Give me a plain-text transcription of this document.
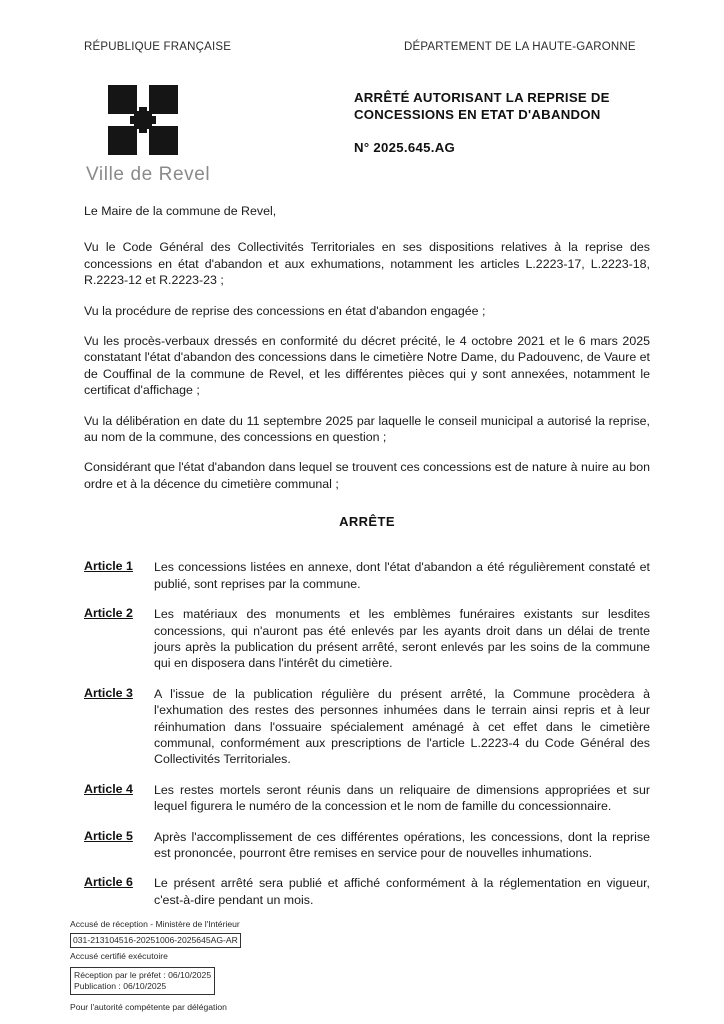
RÉPUBLIQUE FRANÇAISE	DÉPARTEMENT DE LA HAUTE-GARONNE
Ville de Revel
ARRÊTÉ AUTORISANT LA REPRISE DE
CONCESSIONS EN ETAT D'ABANDON
N° 2025.645.AG
Le Maire de la commune de Revel,
Vu le Code Général des Collectivités Territoriales en ses dispositions relatives à la reprise des concessions en état d'abandon et aux exhumations, notamment les articles L.2223-17, L.2223-18, R.2223-12 et R.2223-23 ;
Vu la procédure de reprise des concessions en état d'abandon engagée ;
Vu les procès-verbaux dressés en conformité du décret précité, le 4 octobre 2021 et le 6 mars 2025 constatant l'état d'abandon des concessions dans le cimetière Notre Dame, du Padouvenc, de Vaure et de Couffinal de la commune de Revel, et les différentes pièces qui y sont annexées, notamment le certificat d'affichage ;
Vu la délibération en date du 11 septembre 2025 par laquelle le conseil municipal a autorisé la reprise, au nom de la commune, des concessions en question ;
Considérant que l'état d'abandon dans lequel se trouvent ces concessions est de nature à nuire au bon ordre et à la décence du cimetière communal ;
ARRÊTE
Article 1	Les concessions listées en annexe, dont l'état d'abandon a été régulièrement constaté et publié, sont reprises par la commune.
Article 2	Les matériaux des monuments et les emblèmes funéraires existants sur lesdites concessions, qui n'auront pas été enlevés par les ayants droit dans un délai de trente jours après la publication du présent arrêté, seront enlevés par les soins de la commune qui en disposera dans l'intérêt du cimetière.
Article 3	A l'issue de la publication régulière du présent arrêté, la Commune procèdera à l'exhumation des restes des personnes inhumées dans le terrain ainsi repris et à leur réinhumation dans l'ossuaire spécialement aménagé à cet effet dans le cimetière communal, conformément aux prescriptions de l'article L.2223-4 du Code Général des Collectivités Territoriales.
Article 4	Les restes mortels seront réunis dans un reliquaire de dimensions appropriées et sur lequel figurera le numéro de la concession et le nom de famille du concessionnaire.
Article 5	Après l'accomplissement de ces différentes opérations, les concessions, dont la reprise est prononcée, pourront être remises en service pour de nouvelles inhumations.
Article 6	Le présent arrêté sera publié et affiché conformément à la réglementation en vigueur, c'est-à-dire pendant un mois.
Accusé de réception - Ministère de l'Intérieur
031-213104516-20251006-2025645AG-AR
Accusé certifié exécutoire
Réception par le préfet : 06/10/2025
Publication : 06/10/2025
Pour l'autorité compétente par délégation
